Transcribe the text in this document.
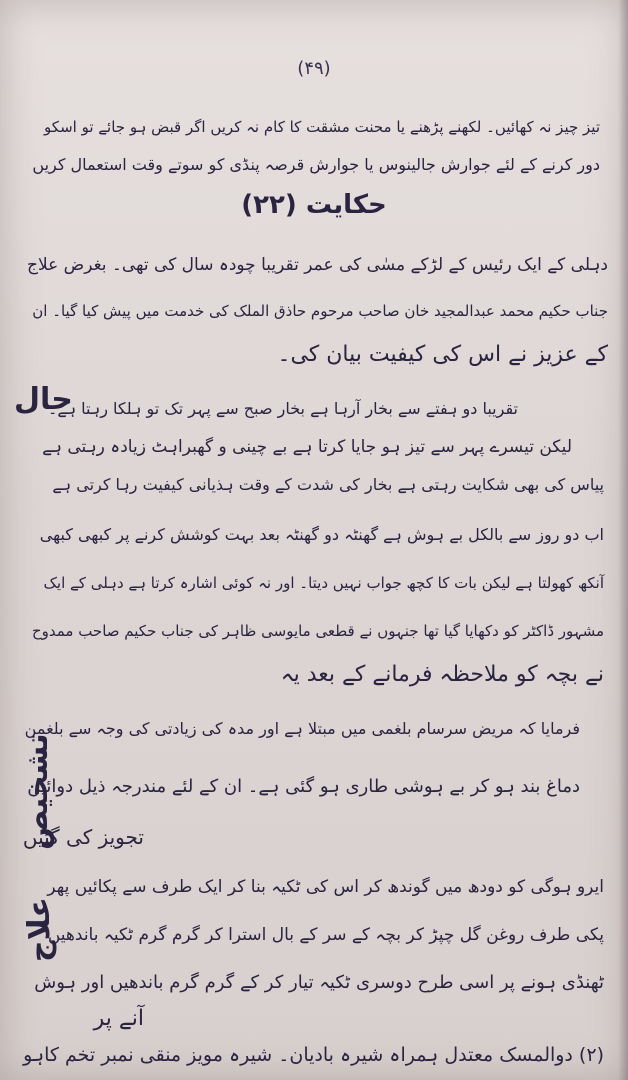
(۴۹)
تیز چیز نہ کھائیں۔ لکھنے پڑھنے یا محنت مشقت کا کام نہ کریں اگر قبض ہو جائے تو اسکو
دور کرنے کے لئے جوارش جالینوس یا جوارش قرصہ پنڈی کو سوتے وقت استعمال کریں
حکایت (۲۲)
دہلی کے ایک رئیس کے لڑکے مسٰی کی عمر تقریبا چودہ سال کی تھی۔ بغرض علاج
جناب حکیم محمد عبدالمجید خان صاحب مرحوم حاذق الملک کی خدمت میں پیش کیا گیا۔ ان
کے عزیز نے اس کی کیفیت بیان کی۔
حال
تقریبا دو ہفتے سے بخار آرہا ہے بخار صبح سے پہر تک تو ہلکا رہتا ہے۔
لیکن تیسرے پہر سے تیز ہو جایا کرتا ہے بے چینی و گھبراہٹ زیادہ رہتی ہے
پیاس کی بھی شکایت رہتی ہے بخار کی شدت کے وقت ہذیانی کیفیت رہا کرتی ہے
اب دو روز سے بالکل بے ہوش ہے گھنٹہ دو گھنٹہ بعد بہت کوشش کرنے پر کبھی کبھی
آنکھ کھولتا ہے لیکن بات کا کچھ جواب نہیں دیتا۔ اور نہ کوئی اشارہ کرتا ہے دہلی کے ایک
مشہور ڈاکٹر کو دکھایا گیا تھا جنہوں نے قطعی مایوسی ظاہر کی جناب حکیم صاحب ممدوح
نے بچہ کو ملاحظہ فرمانے کے بعد یہ
تشخیص
فرمایا کہ مریض سرسام بلغمی میں مبتلا ہے اور مدہ کی زیادتی کی وجہ سے بلغمن
دماغ بند ہو کر بے ہوشی طاری ہو گئی ہے۔ ان کے لئے مندرجہ ذیل دوائیں
تجویز کی گئیں
علاج
ایرو ہوگی کو دودھ میں گوندھ کر اس کی ٹکیہ بنا کر ایک طرف سے پکائیں پھر
پکی طرف روغن گل چپڑ کر بچہ کے سر کے بال استرا کر گرم گرم ٹکیہ باندھیں
ٹھنڈی ہونے پر اسی طرح دوسری ٹکیہ تیار کر کے گرم گرم باندھیں اور ہوش
آنے پر
(۲) دوالمسک معتدل ہمراہ شیرہ بادیان۔ شیرہ مویز منقی نمبر تخم کاہو
